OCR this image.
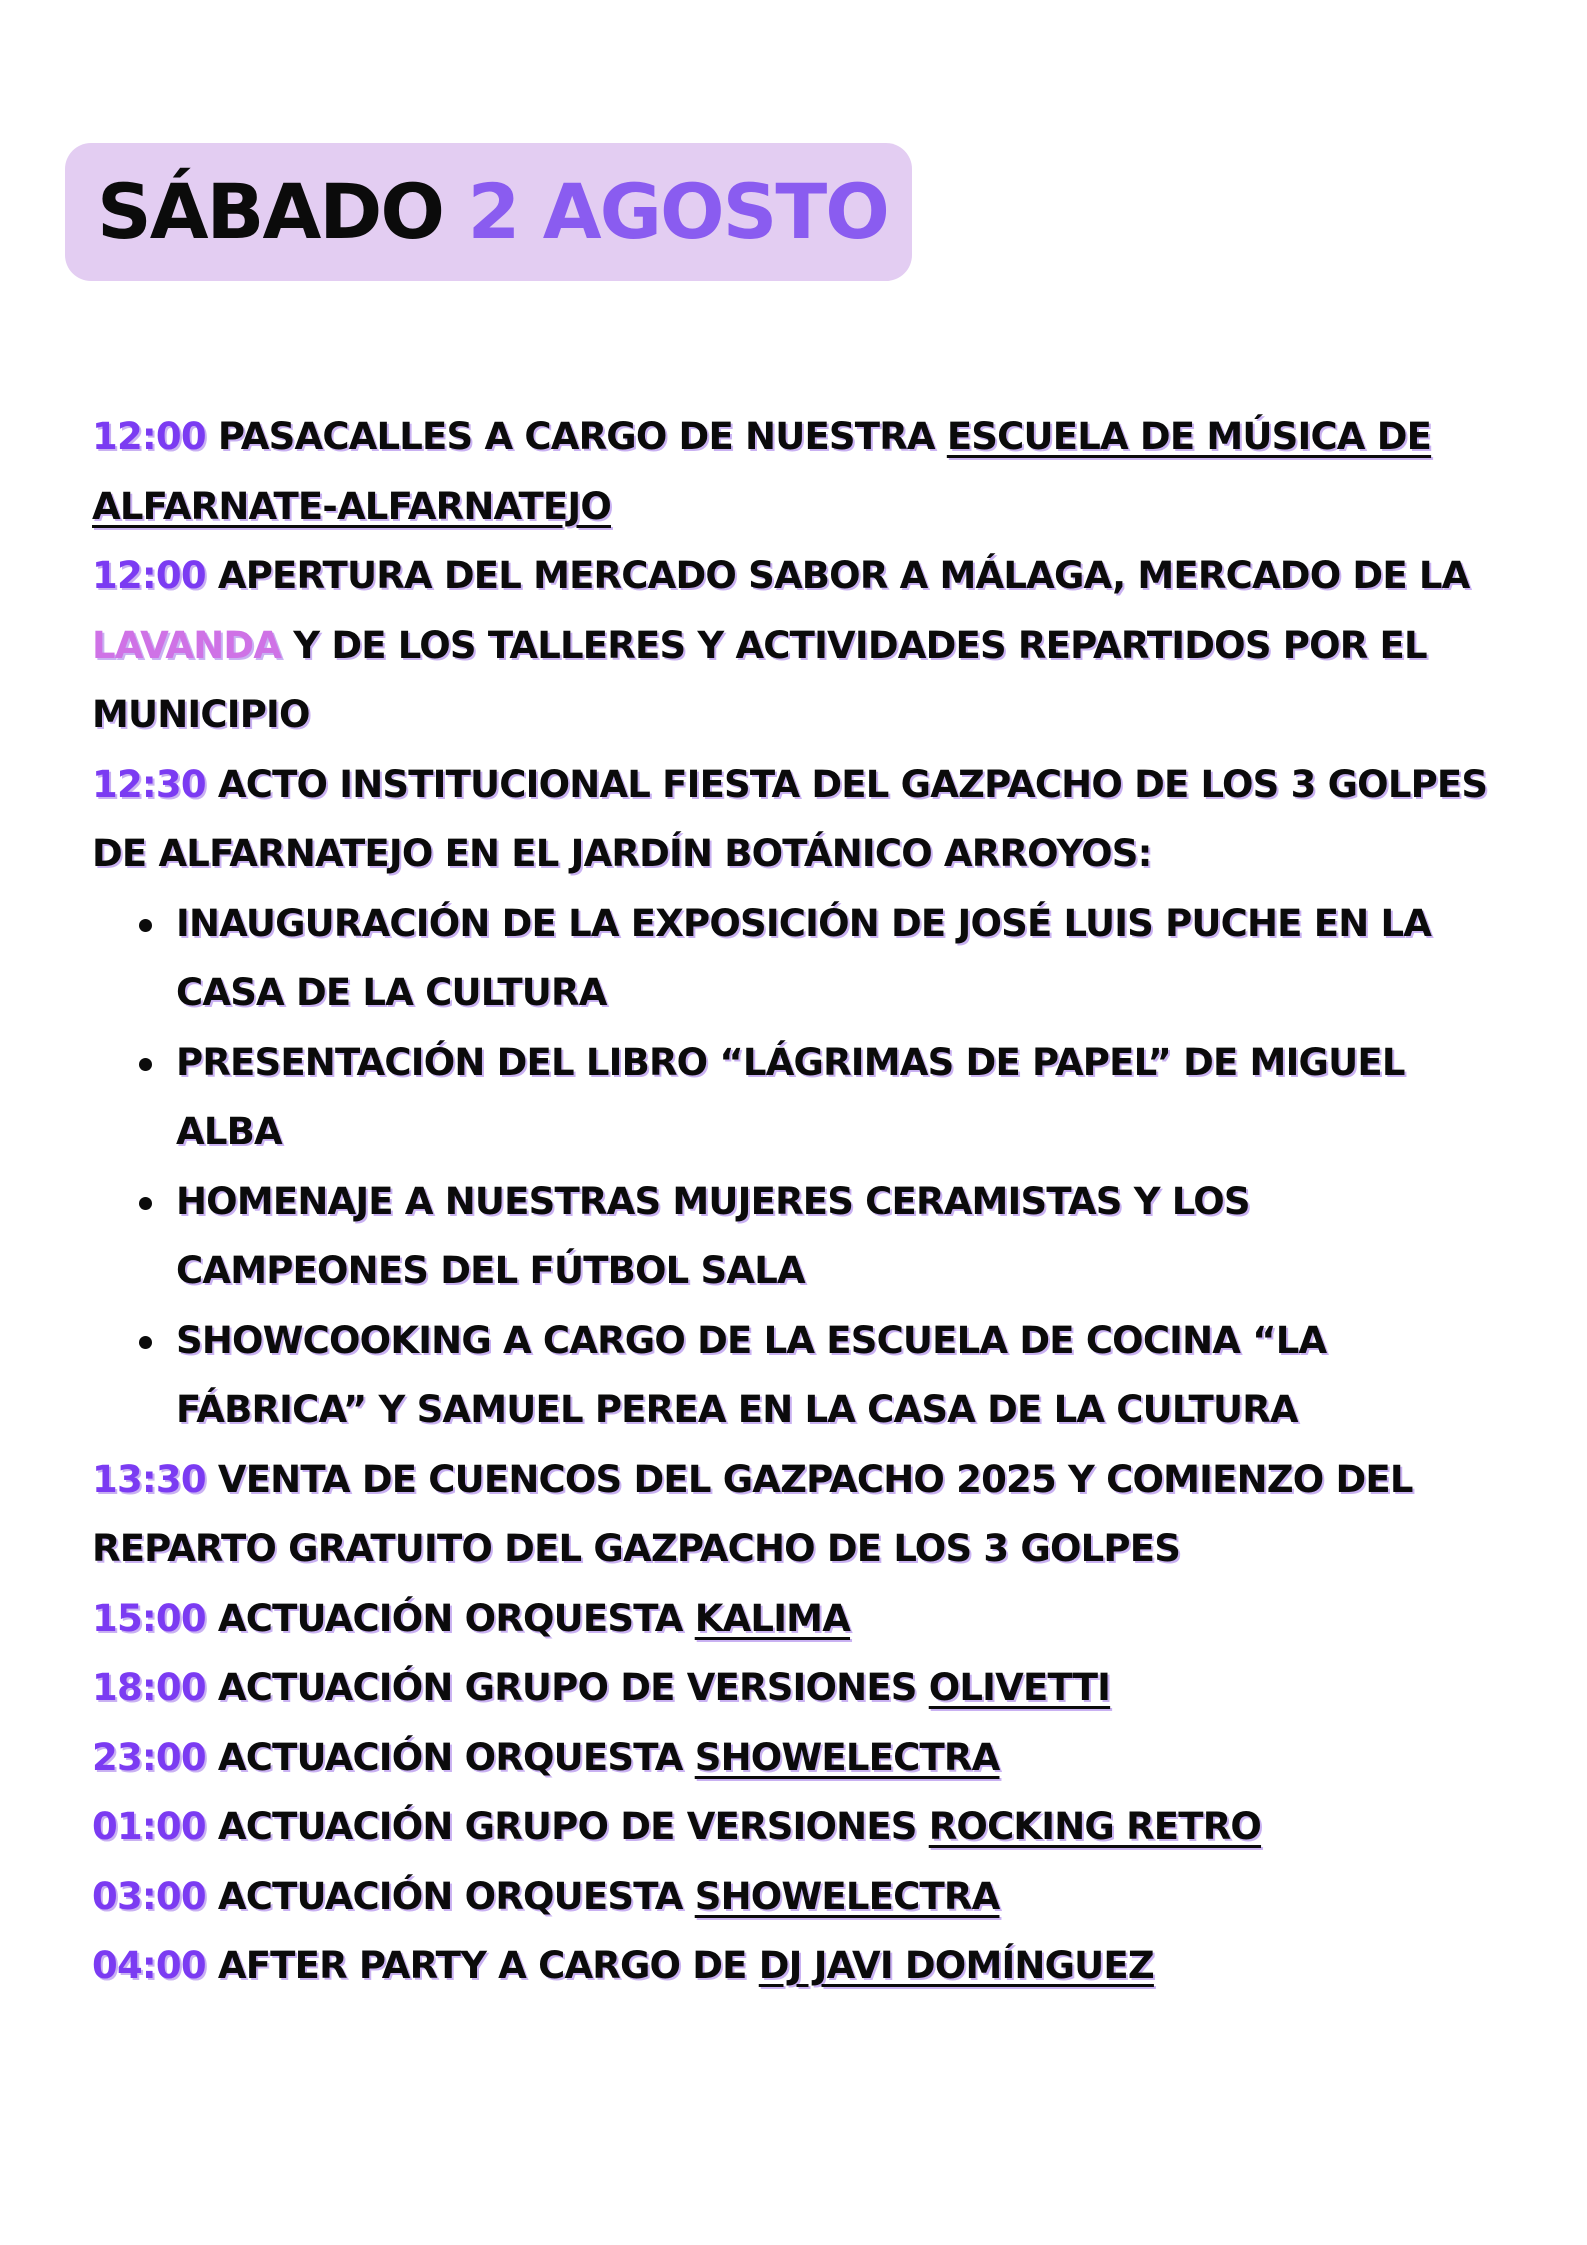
SÁBADO 2 AGOSTO

12:00 PASACALLES A CARGO DE NUESTRA ESCUELA DE MÚSICA DE ALFARNATE-ALFARNATEJO

12:00 APERTURA DEL MERCADO SABOR A MÁLAGA, MERCADO DE LA LAVANDA Y DE LOS TALLERES Y ACTIVIDADES REPARTIDOS POR EL MUNICIPIO

12:30 ACTO INSTITUCIONAL FIESTA DEL GAZPACHO DE LOS 3 GOLPES DE ALFARNATEJO EN EL JARDÍN BOTÁNICO ARROYOS:

INAUGURACIÓN DE LA EXPOSICIÓN DE JOSÉ LUIS PUCHE EN LA CASA DE LA CULTURA
PRESENTACIÓN DEL LIBRO “LÁGRIMAS DE PAPEL” DE MIGUEL ALBA
HOMENAJE A NUESTRAS MUJERES CERAMISTAS Y LOS CAMPEONES DEL FÚTBOL SALA
SHOWCOOKING A CARGO DE LA ESCUELA DE COCINA “LA FÁBRICA” Y SAMUEL PEREA EN LA CASA DE LA CULTURA

13:30 VENTA DE CUENCOS DEL GAZPACHO 2025 Y COMIENZO DEL REPARTO GRATUITO DEL GAZPACHO DE LOS 3 GOLPES

15:00 ACTUACIÓN ORQUESTA KALIMA

18:00 ACTUACIÓN GRUPO DE VERSIONES OLIVETTI

23:00 ACTUACIÓN ORQUESTA SHOWELECTRA

01:00 ACTUACIÓN GRUPO DE VERSIONES ROCKING RETRO

03:00 ACTUACIÓN ORQUESTA SHOWELECTRA

04:00 AFTER PARTY A CARGO DE DJ JAVI DOMÍNGUEZ
